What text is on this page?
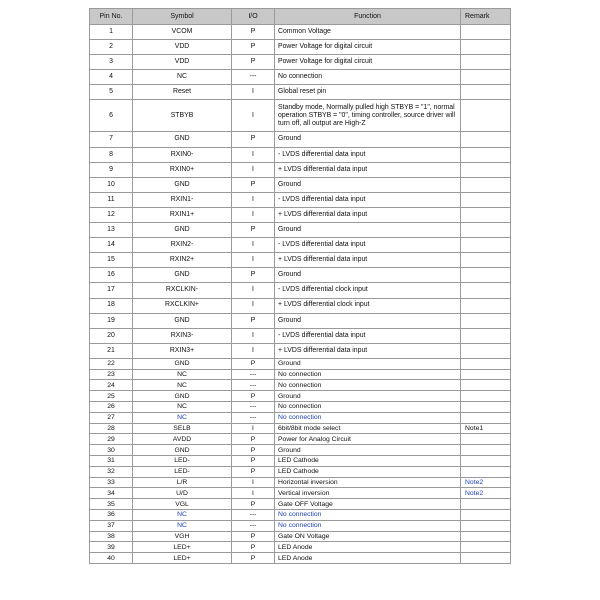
Pin No.	Symbol	I/O	Function	Remark
1	VCOM	P	Common Voltage	
2	VDD	P	Power Voltage for digital circuit	
3	VDD	P	Power Voltage for digital circuit	
4	NC	---	No connection	
5	Reset	I	Global reset pin	
6	STBYB	I	Standby mode, Normally pulled high STBYB = "1", normal operation STBYB = "0", timing controller, source driver will turn off, all output are High-Z	
7	GND	P	Ground	
8	RXIN0-	I	- LVDS differential data input	
9	RXIN0+	I	+ LVDS differential data input	
10	GND	P	Ground	
11	RXIN1-	I	- LVDS differential data input	
12	RXIN1+	I	+ LVDS differential data input	
13	GND	P	Ground	
14	RXIN2-	I	- LVDS differential data input	
15	RXIN2+	I	+ LVDS differential data input	
16	GND	P	Ground	
17	RXCLKIN-	I	- LVDS differential clock input	
18	RXCLKIN+	I	+ LVDS differential clock input	
19	GND	P	Ground	
20	RXIN3-	I	- LVDS differential data input	
21	RXIN3+	I	+ LVDS differential data input	
22	GND	P	Ground	
23	NC	---	No connection	
24	NC	---	No connection	
25	GND	P	Ground	
26	NC	---	No connection	
27	NC	---	No connection	
28	SELB	I	6bit/8bit mode select	Note1
29	AVDD	P	Power for Analog Circuit	
30	GND	P	Ground	
31	LED-	P	LED Cathode	
32	LED-	P	LED Cathode	
33	L/R	I	Horizontal inversion	Note2
34	U/D	I	Vertical inversion	Note2
35	VGL	P	Gate OFF Voltage	
36	NC	---	No connection	
37	NC	---	No connection	
38	VGH	P	Gate ON Voltage	
39	LED+	P	LED Anode	
40	LED+	P	LED Anode	
